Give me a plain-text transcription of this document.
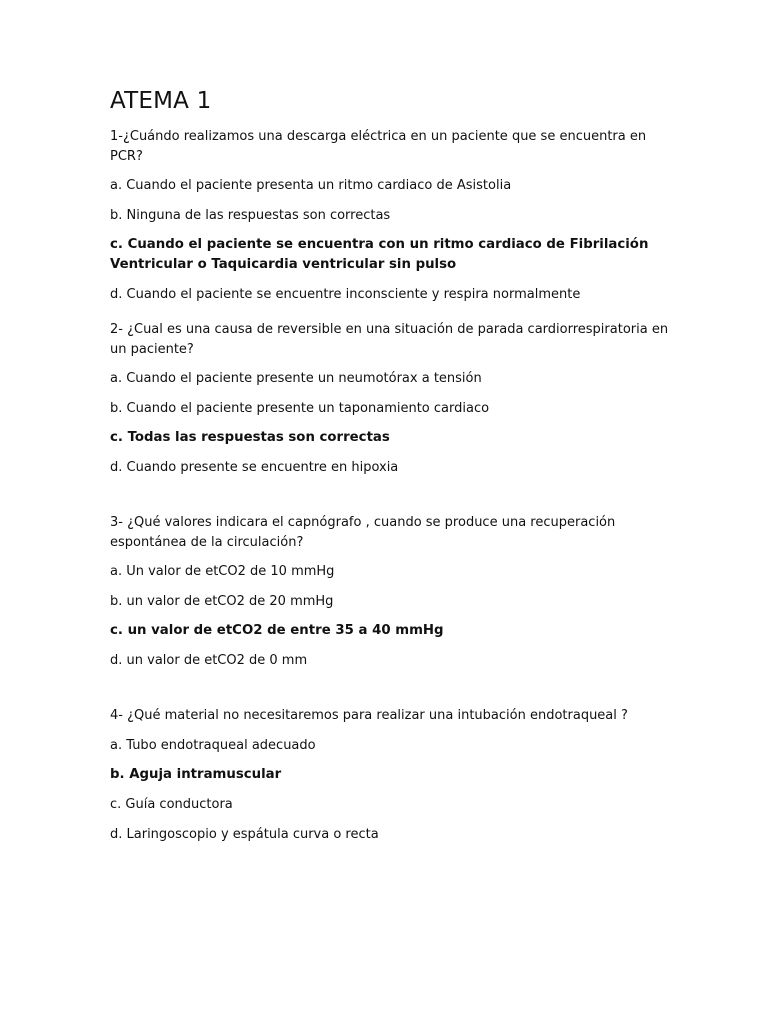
ATEMA 1

1-¿Cuándo realizamos una descarga eléctrica en un paciente que se encuentra en PCR?

a. Cuando el paciente presenta un ritmo cardiaco de Asistolia

b. Ninguna de las respuestas son correctas

c. Cuando el paciente se encuentra con un ritmo cardiaco de Fibrilación Ventricular o Taquicardia ventricular sin pulso

d. Cuando el paciente se encuentre inconsciente y respira normalmente

2- ¿Cual es una causa de reversible en una situación de parada cardiorrespiratoria en un paciente?

a. Cuando el paciente presente un neumotórax a tensión

b. Cuando el paciente presente un taponamiento cardiaco

c. Todas las respuestas son correctas

d. Cuando presente se encuentre en hipoxia

3- ¿Qué valores indicara el capnógrafo , cuando se produce una recuperación espontánea de la circulación?

a. Un valor de etCO2 de 10 mmHg

b. un valor de etCO2 de 20 mmHg

c. un valor de etCO2 de entre 35 a 40 mmHg

d. un valor de etCO2 de 0 mm

4- ¿Qué material no necesitaremos para realizar una intubación endotraqueal ?

a. Tubo endotraqueal adecuado

b. Aguja intramuscular

c. Guía conductora

d. Laringoscopio y espátula curva o recta
